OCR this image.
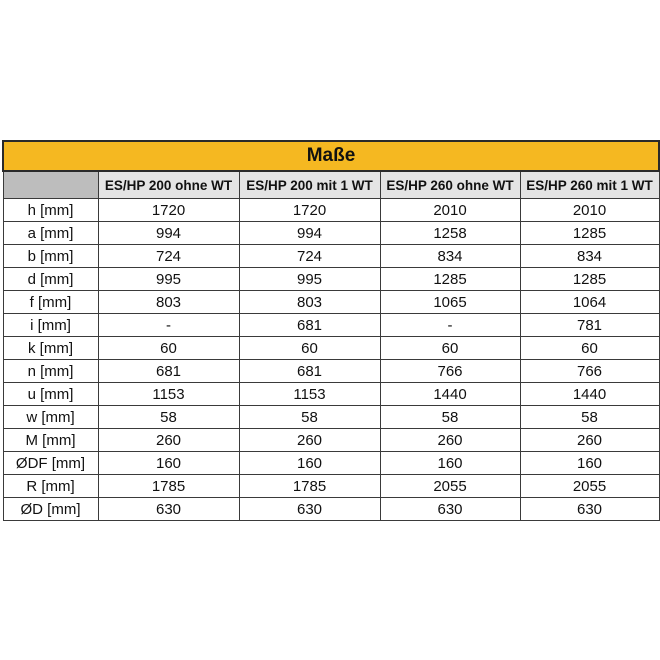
Maße				
	ES/HP 200 ohne WT	ES/HP 200 mit 1 WT	ES/HP 260 ohne WT	ES/HP 260 mit 1 WT
h [mm]	1720	1720	2010	2010
a [mm]	994	994	1258	1285
b [mm]	724	724	834	834
d [mm]	995	995	1285	1285
f [mm]	803	803	1065	1064
i [mm]	-	681	-	781
k [mm]	60	60	60	60
n [mm]	681	681	766	766
u [mm]	1153	1153	1440	1440
w [mm]	58	58	58	58
M [mm]	260	260	260	260
ØDF [mm]	160	160	160	160
R [mm]	1785	1785	2055	2055
ØD [mm]	630	630	630	630
